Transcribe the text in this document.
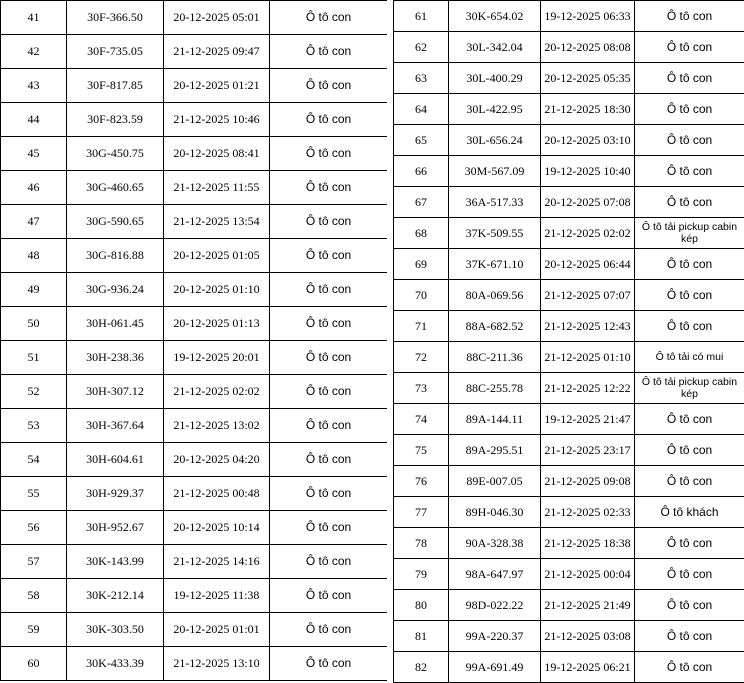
41	30F-366.50	20-12-2025 05:01	Ô tô con
42	30F-735.05	21-12-2025 09:47	Ô tô con
43	30F-817.85	20-12-2025 01:21	Ô tô con
44	30F-823.59	21-12-2025 10:46	Ô tô con
45	30G-450.75	20-12-2025 08:41	Ô tô con
46	30G-460.65	21-12-2025 11:55	Ô tô con
47	30G-590.65	21-12-2025 13:54	Ô tô con
48	30G-816.88	20-12-2025 01:05	Ô tô con
49	30G-936.24	20-12-2025 01:10	Ô tô con
50	30H-061.45	20-12-2025 01:13	Ô tô con
51	30H-238.36	19-12-2025 20:01	Ô tô con
52	30H-307.12	21-12-2025 02:02	Ô tô con
53	30H-367.64	21-12-2025 13:02	Ô tô con
54	30H-604.61	20-12-2025 04:20	Ô tô con
55	30H-929.37	21-12-2025 00:48	Ô tô con
56	30H-952.67	20-12-2025 10:14	Ô tô con
57	30K-143.99	21-12-2025 14:16	Ô tô con
58	30K-212.14	19-12-2025 11:38	Ô tô con
59	30K-303.50	20-12-2025 01:01	Ô tô con
60	30K-433.39	21-12-2025 13:10	Ô tô con
61	30K-654.02	19-12-2025 06:33	Ô tô con
62	30L-342.04	20-12-2025 08:08	Ô tô con
63	30L-400.29	20-12-2025 05:35	Ô tô con
64	30L-422.95	21-12-2025 18:30	Ô tô con
65	30L-656.24	20-12-2025 03:10	Ô tô con
66	30M-567.09	19-12-2025 10:40	Ô tô con
67	36A-517.33	20-12-2025 07:08	Ô tô con
68	37K-509.55	21-12-2025 02:02	Ô tô tải pickup cabin kép
69	37K-671.10	20-12-2025 06:44	Ô tô con
70	80A-069.56	21-12-2025 07:07	Ô tô con
71	88A-682.52	21-12-2025 12:43	Ô tô con
72	88C-211.36	21-12-2025 01:10	Ô tô tải có mui
73	88C-255.78	21-12-2025 12:22	Ô tô tải pickup cabin kép
74	89A-144.11	19-12-2025 21:47	Ô tô con
75	89A-295.51	21-12-2025 23:17	Ô tô con
76	89E-007.05	21-12-2025 09:08	Ô tô con
77	89H-046.30	21-12-2025 02:33	Ô tô khách
78	90A-328.38	21-12-2025 18:38	Ô tô con
79	98A-647.97	21-12-2025 00:04	Ô tô con
80	98D-022.22	21-12-2025 21:49	Ô tô con
81	99A-220.37	21-12-2025 03:08	Ô tô con
82	99A-691.49	19-12-2025 06:21	Ô tô con
